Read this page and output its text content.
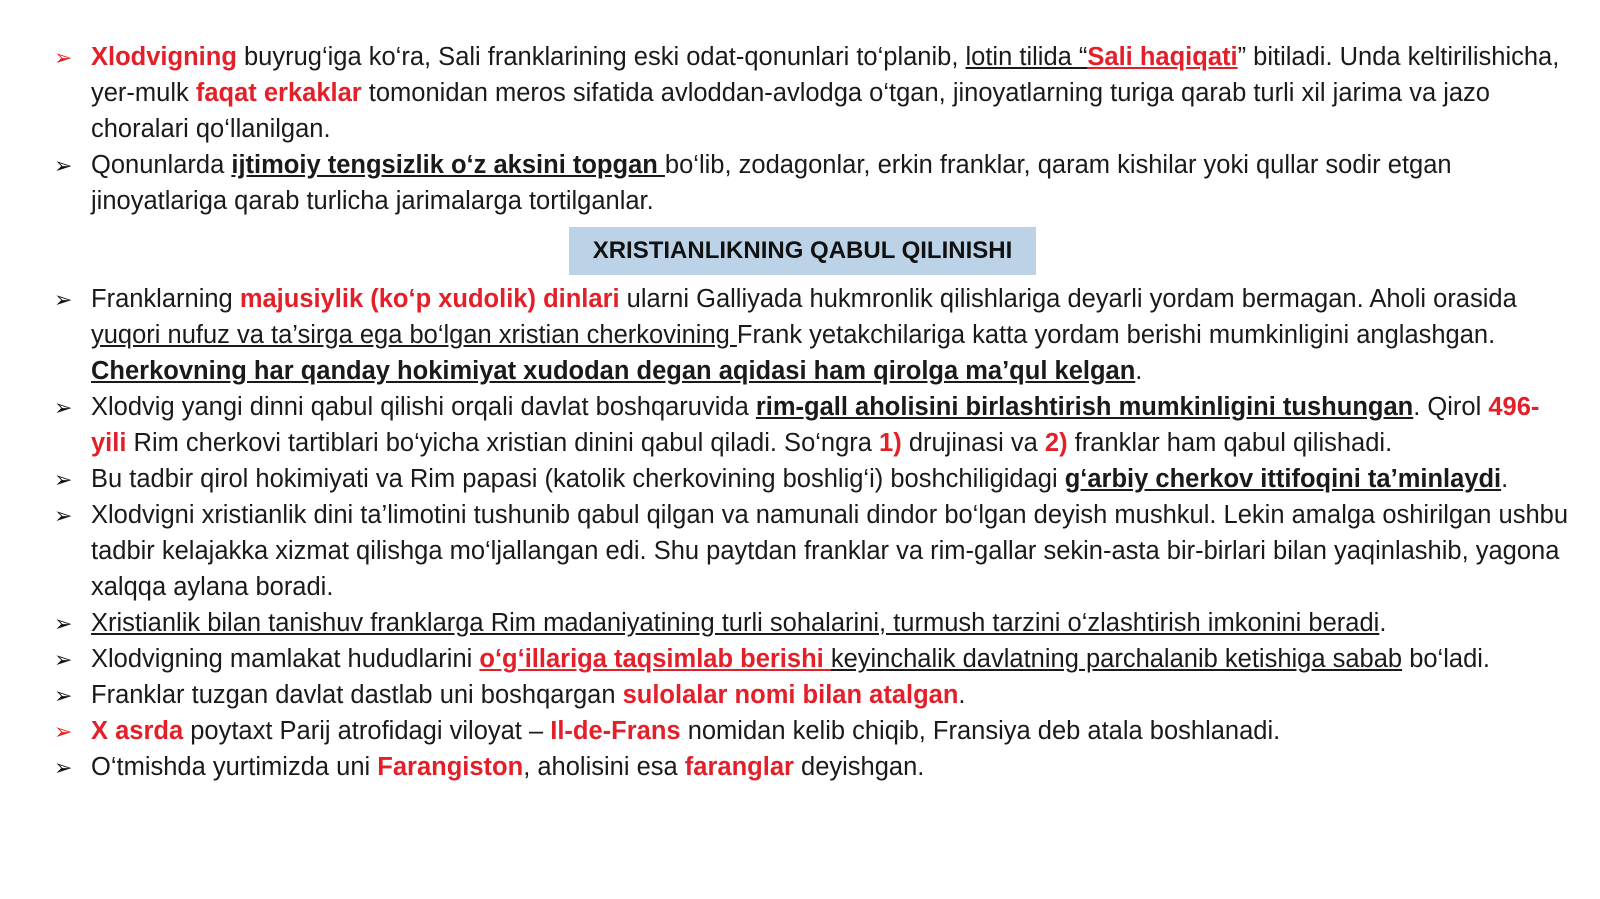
➢ Xlodvigning buyrug‘iga ko‘ra, Sali franklarining eski odat-qonunlari to‘planib, lotin tilida “Sali haqiqati” bitiladi. Unda keltirilishicha, yer-mulk faqat erkaklar tomonidan meros sifatida avloddan-avlodga o‘tgan, jinoyatlarning turiga qarab turli xil jarima va jazo choralari qo‘llanilgan.
➢ Qonunlarda ijtimoiy tengsizlik o‘z aksini topgan bo‘lib, zodagonlar, erkin franklar, qaram kishilar yoki qullar sodir etgan jinoyatlariga qarab turlicha jarimalarga tortilganlar.
XRISTIANLIKNING QABUL QILINISHI
➢ Franklarning majusiylik (ko‘p xudolik) dinlari ularni Galliyada hukmronlik qilishlariga deyarli yordam bermagan. Aholi orasida yuqori nufuz va ta’sirga ega bo‘lgan xristian cherkovining Frank yetakchilariga katta yordam berishi mumkinligini anglashgan. Cherkovning har qanday hokimiyat xudodan degan aqidasi ham qirolga ma’qul kelgan.
➢ Xlodvig yangi dinni qabul qilishi orqali davlat boshqaruvida rim-gall aholisini birlashtirish mumkinligini tushungan. Qirol 496-yili Rim cherkovi tartiblari bo‘yicha xristian dinini qabul qiladi. So‘ngra 1) drujinasi va 2) franklar ham qabul qilishadi.
➢ Bu tadbir qirol hokimiyati va Rim papasi (katolik cherkovining boshlig‘i) boshchiligidagi g‘arbiy cherkov ittifoqini ta’minlaydi.
➢ Xlodvigni xristianlik dini ta’limotini tushunib qabul qilgan va namunali dindor bo‘lgan deyish mushkul. Lekin amalga oshirilgan ushbu tadbir kelajakka xizmat qilishga mo‘ljallangan edi. Shu paytdan franklar va rim-gallar sekin-asta bir-birlari bilan yaqinlashib, yagona xalqqa aylana boradi.
➢ Xristianlik bilan tanishuv franklarga Rim madaniyatining turli sohalarini, turmush tarzini o‘zlashtirish imkonini beradi.
➢ Xlodvigning mamlakat hududlarini o‘g‘illariga taqsimlab berishi keyinchalik davlatning parchalanib ketishiga sabab bo‘ladi.
➢ Franklar tuzgan davlat dastlab uni boshqargan sulolalar nomi bilan atalgan.
➢ X asrda poytaxt Parij atrofidagi viloyat – Il-de-Frans nomidan kelib chiqib, Fransiya deb atala boshlanadi.
➢ O‘tmishda yurtimizda uni Farangiston, aholisini esa faranglar deyishgan.
